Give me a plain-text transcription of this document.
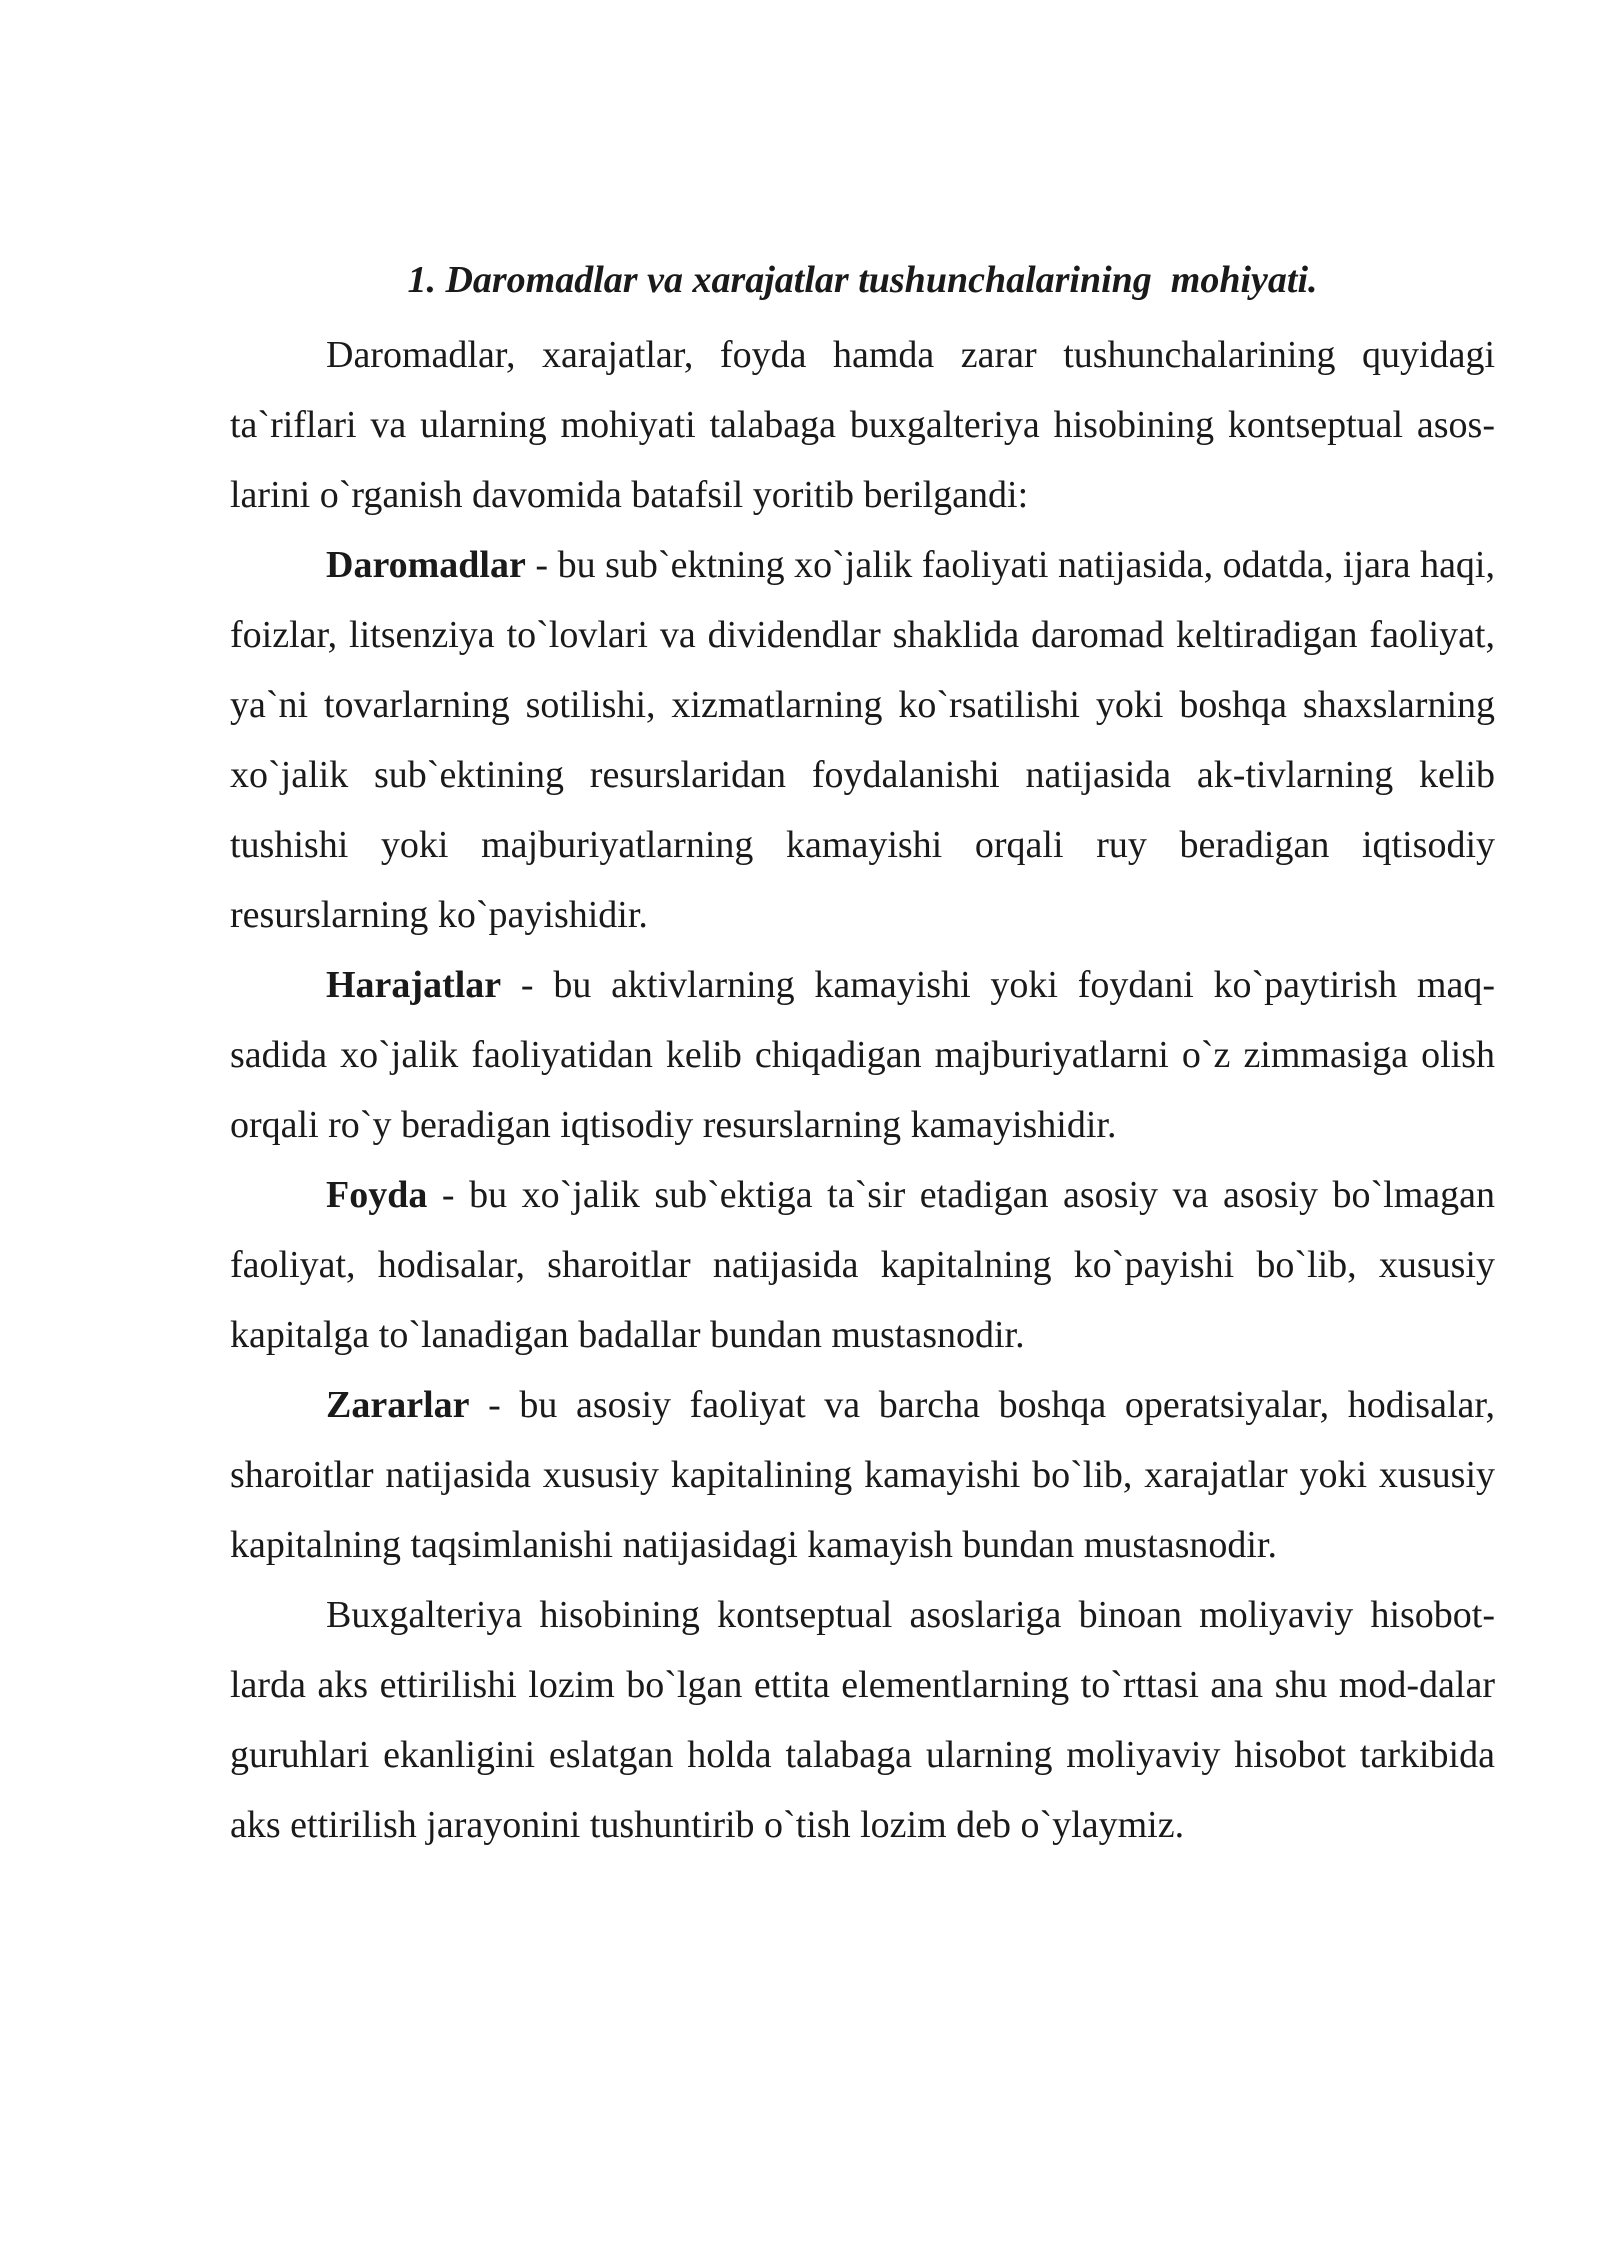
1. Daromadlar va xarajatlar tushunchalarining  mohiyati.

Daromadlar, xarajatlar, foyda hamda zarar tushunchalarining quyidagi ta`riflari va ularning mohiyati talabaga buxgalteriya hisobining kontseptual asos-larini o`rganish davomida batafsil yoritib berilgandi:

Daromadlar - bu sub`ektning xo`jalik faoliyati natijasida, odatda, ijara haqi, foizlar, litsenziya to`lovlari va dividendlar shaklida daromad keltiradigan faoliyat, ya`ni tovarlarning sotilishi, xizmatlarning ko`rsatilishi yoki boshqa shaxslarning xo`jalik sub`ektining resurslaridan foydalanishi natijasida ak-tivlarning kelib tushishi yoki majburiyatlarning kamayishi orqali ruy beradigan iqtisodiy resurslarning ko`payishidir.

Harajatlar - bu aktivlarning kamayishi yoki foydani ko`paytirish maq-sadida xo`jalik faoliyatidan kelib chiqadigan majburiyatlarni o`z zimmasiga olish orqali ro`y beradigan iqtisodiy resurslarning kamayishidir.

Foyda - bu xo`jalik sub`ektiga ta`sir etadigan asosiy va asosiy bo`lmagan faoliyat, hodisalar, sharoitlar natijasida kapitalning ko`payishi bo`lib, xususiy kapitalga to`lanadigan badallar bundan mustasnodir.

Zararlar - bu asosiy faoliyat va barcha boshqa operatsiyalar, hodisalar, sharoitlar natijasida xususiy kapitalining kamayishi bo`lib, xarajatlar yoki xususiy kapitalning taqsimlanishi natijasidagi kamayish bundan mustasnodir.

Buxgalteriya hisobining kontseptual asoslariga binoan moliyaviy hisobot-larda aks ettirilishi lozim bo`lgan ettita elementlarning to`rttasi ana shu mod-dalar guruhlari ekanligini eslatgan holda talabaga ularning moliyaviy hisobot tarkibida aks ettirilish jarayonini tushuntirib o`tish lozim deb o`ylaymiz.
